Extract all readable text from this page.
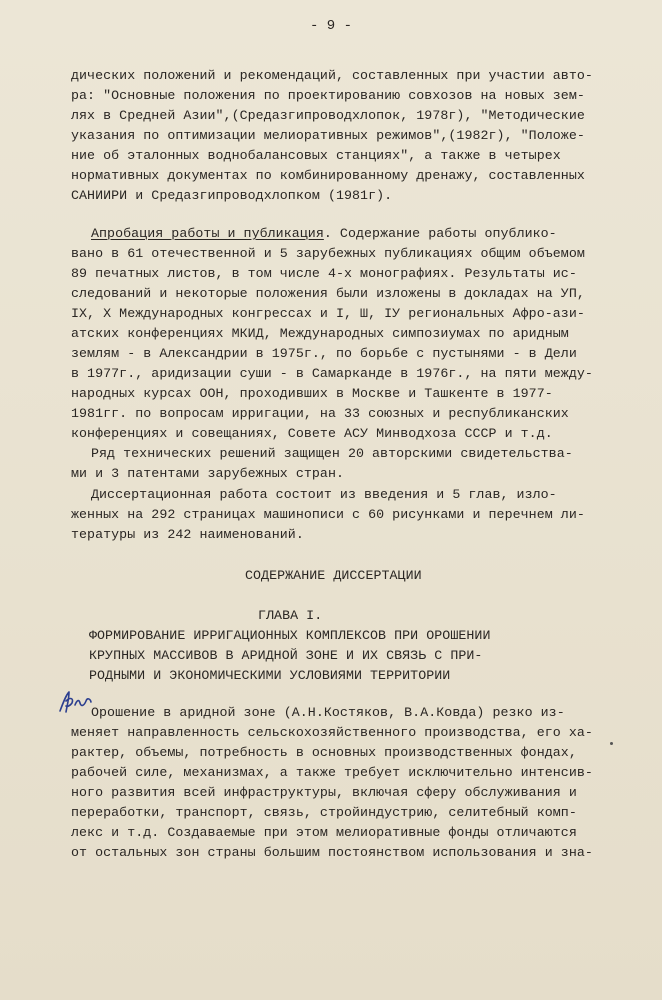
- 9 -
дических положений и рекомендаций, составленных при участии авто-
ра: "Основные положения по проектированию совхозов на новых зем-
лях в Средней Азии",(Средазгипроводхлопок, 1978г), "Методические
указания по оптимизации мелиоративных режимов",(1982г), "Положе-
ние об эталонных воднобалансовых станциях", а также в четырех
нормативных документах по комбинированному дренажу, составленных
САНИИРИ и Средазгипроводхлопком (1981г).
Апробация работы и публикация. Содержание работы опублико-
вано в 61 отечественной и 5 зарубежных публикациях общим объемом
89 печатных листов, в том числе 4-х монографиях. Результаты ис-
следований и некоторые положения были изложены в докладах на УП,
IX, X Международных конгрессах и I, Ш, IУ региональных Афро-ази-
атских конференциях МКИД, Международных симпозиумах по аридным
землям - в Александрии в 1975г., по борьбе с пустынями - в Дели
в 1977г., аридизации суши - в Самарканде в 1976г., на пяти между-
народных курсах ООН, проходивших в Москве и Ташкенте в 1977-
1981гг. по вопросам ирригации, на 33 союзных и республиканских
конференциях и совещаниях, Совете АСУ Минводхоза СССР и т.д.
Ряд технических решений защищен 20 авторскими свидетельства-
ми и 3 патентами зарубежных стран.
Диссертационная работа состоит из введения и 5 глав, изло-
женных на 292 страницах машинописи с 60 рисунками и перечнем ли-
тературы из 242 наименований.
СОДЕРЖАНИЕ ДИССЕРТАЦИИ
ГЛАВА I.
ФОРМИРОВАНИЕ ИРРИГАЦИОННЫХ КОМПЛЕКСОВ ПРИ ОРОШЕНИИ
КРУПНЫХ МАССИВОВ В АРИДНОЙ ЗОНЕ И ИХ СВЯЗЬ С ПРИ-
РОДНЫМИ И ЭКОНОМИЧЕСКИМИ УСЛОВИЯМИ ТЕРРИТОРИИ
Орошение в аридной зоне (А.Н.Костяков, В.А.Ковда) резко из-
меняет направленность сельскохозяйственного производства, его ха-
рактер, объемы, потребность в основных производственных фондах,
рабочей силе, механизмах, а также требует исключительно интенсив-
ного развития всей инфраструктуры, включая сферу обслуживания и
переработки, транспорт, связь, стройиндустрию, селитебный комп-
лекс и т.д. Создаваемые при этом мелиоративные фонды отличаются
от остальных зон страны большим постоянством использования и зна-
